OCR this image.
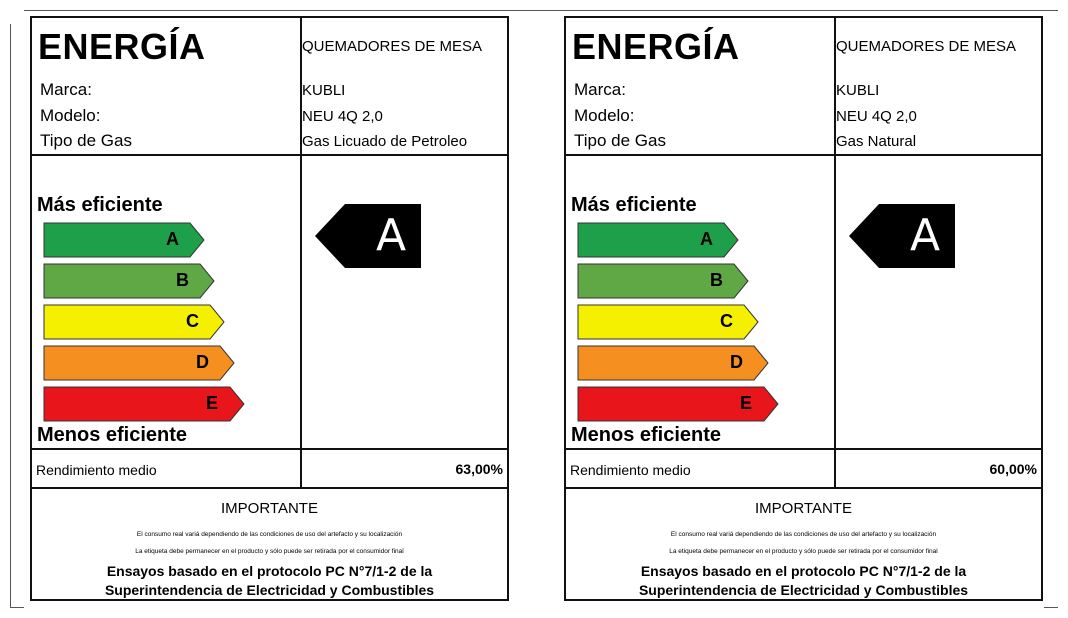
ENERGÍA	QUEMADORES DE MESA
Marca:	KUBLI
Modelo:	NEU 4Q 2,0
Tipo de Gas	Gas Licuado de Petroleo
Más eficiente
A
B
C
D
E
Menos eficiente
A
Rendimiento medio	63,00%
IMPORTANTE
El consumo real variá dependiendo de las condiciones de uso del artefacto y su localización
La etiqueta debe permanecer en el producto y sólo puede ser retirada por el consumidor final
Ensayos basado en el protocolo PC N°7/1-2 de la
Superintendencia de Electricidad y Combustibles
ENERGÍA	QUEMADORES DE MESA
Marca:	KUBLI
Modelo:	NEU 4Q 2,0
Tipo de Gas	Gas Natural
Más eficiente
A
B
C
D
E
Menos eficiente
A
Rendimiento medio	60,00%
IMPORTANTE
El consumo real variá dependiendo de las condiciones de uso del artefacto y su localización
La etiqueta debe permanecer en el producto y sólo puede ser retirada por el consumidor final
Ensayos basado en el protocolo PC N°7/1-2 de la
Superintendencia de Electricidad y Combustibles
